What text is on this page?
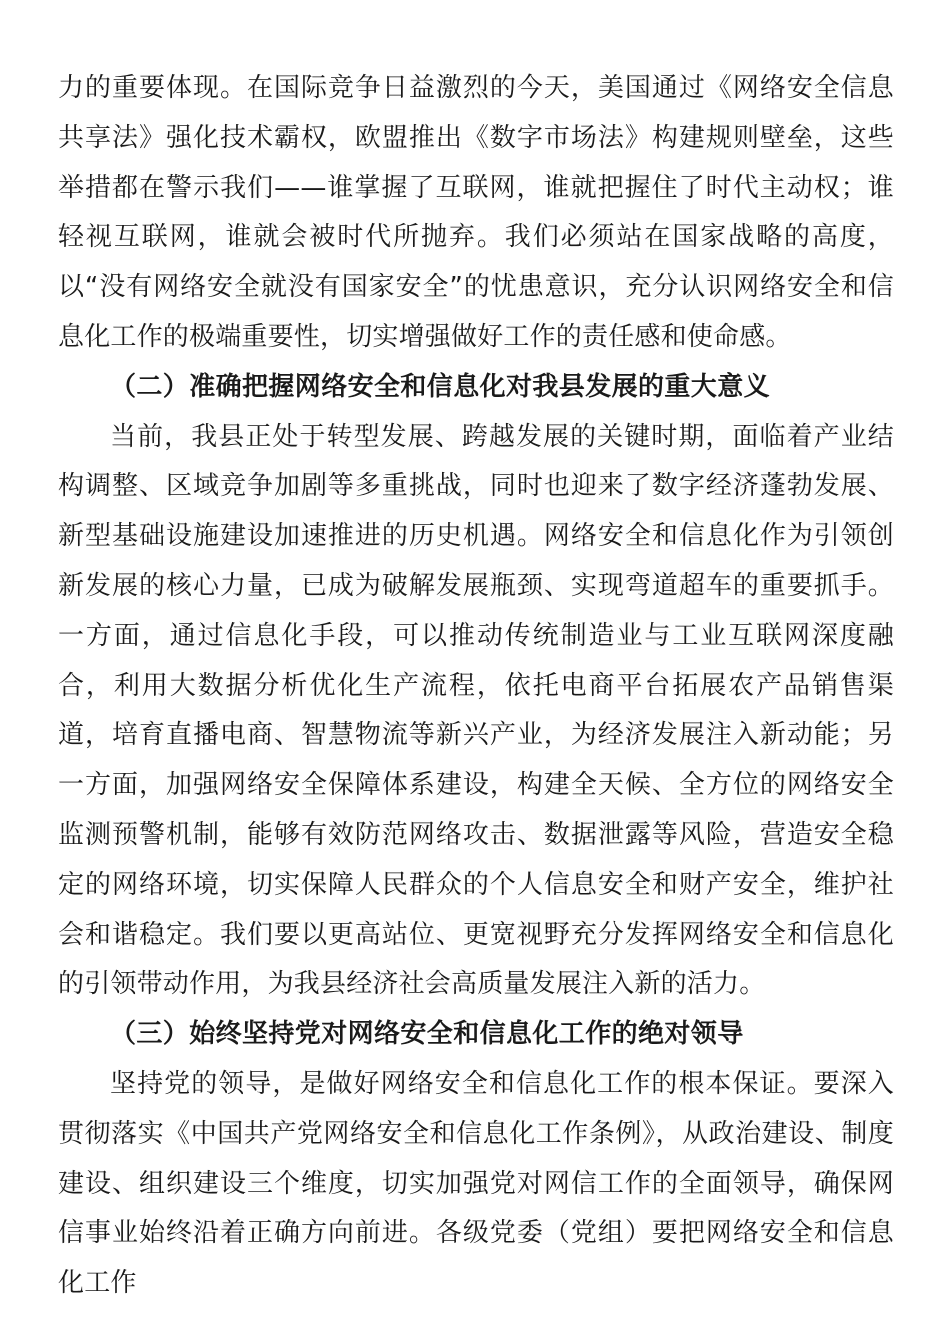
力的重要体现。在国际竞争日益激烈的今天，美国通过《网络安全信息共享法》强化技术霸权，欧盟推出《数字市场法》构建规则壁垒，这些举措都在警示我们——谁掌握了互联网，谁就把握住了时代主动权；谁轻视互联网，谁就会被时代所抛弃。我们必须站在国家战略的高度，以“没有网络安全就没有国家安全”的忧患意识，充分认识网络安全和信息化工作的极端重要性，切实增强做好工作的责任感和使命感。

（二）准确把握网络安全和信息化对我县发展的重大意义

当前，我县正处于转型发展、跨越发展的关键时期，面临着产业结构调整、区域竞争加剧等多重挑战，同时也迎来了数字经济蓬勃发展、新型基础设施建设加速推进的历史机遇。网络安全和信息化作为引领创新发展的核心力量，已成为破解发展瓶颈、实现弯道超车的重要抓手。一方面，通过信息化手段，可以推动传统制造业与工业互联网深度融合，利用大数据分析优化生产流程，依托电商平台拓展农产品销售渠道，培育直播电商、智慧物流等新兴产业，为经济发展注入新动能；另一方面，加强网络安全保障体系建设，构建全天候、全方位的网络安全监测预警机制，能够有效防范网络攻击、数据泄露等风险，营造安全稳定的网络环境，切实保障人民群众的个人信息安全和财产安全，维护社会和谐稳定。我们要以更高站位、更宽视野充分发挥网络安全和信息化的引领带动作用，为我县经济社会高质量发展注入新的活力。

（三）始终坚持党对网络安全和信息化工作的绝对领导

坚持党的领导，是做好网络安全和信息化工作的根本保证。要深入贯彻落实《中国共产党网络安全和信息化工作条例》，从政治建设、制度建设、组织建设三个维度，切实加强党对网信工作的全面领导，确保网信事业始终沿着正确方向前进。各级党委（党组）要把网络安全和信息化工作
